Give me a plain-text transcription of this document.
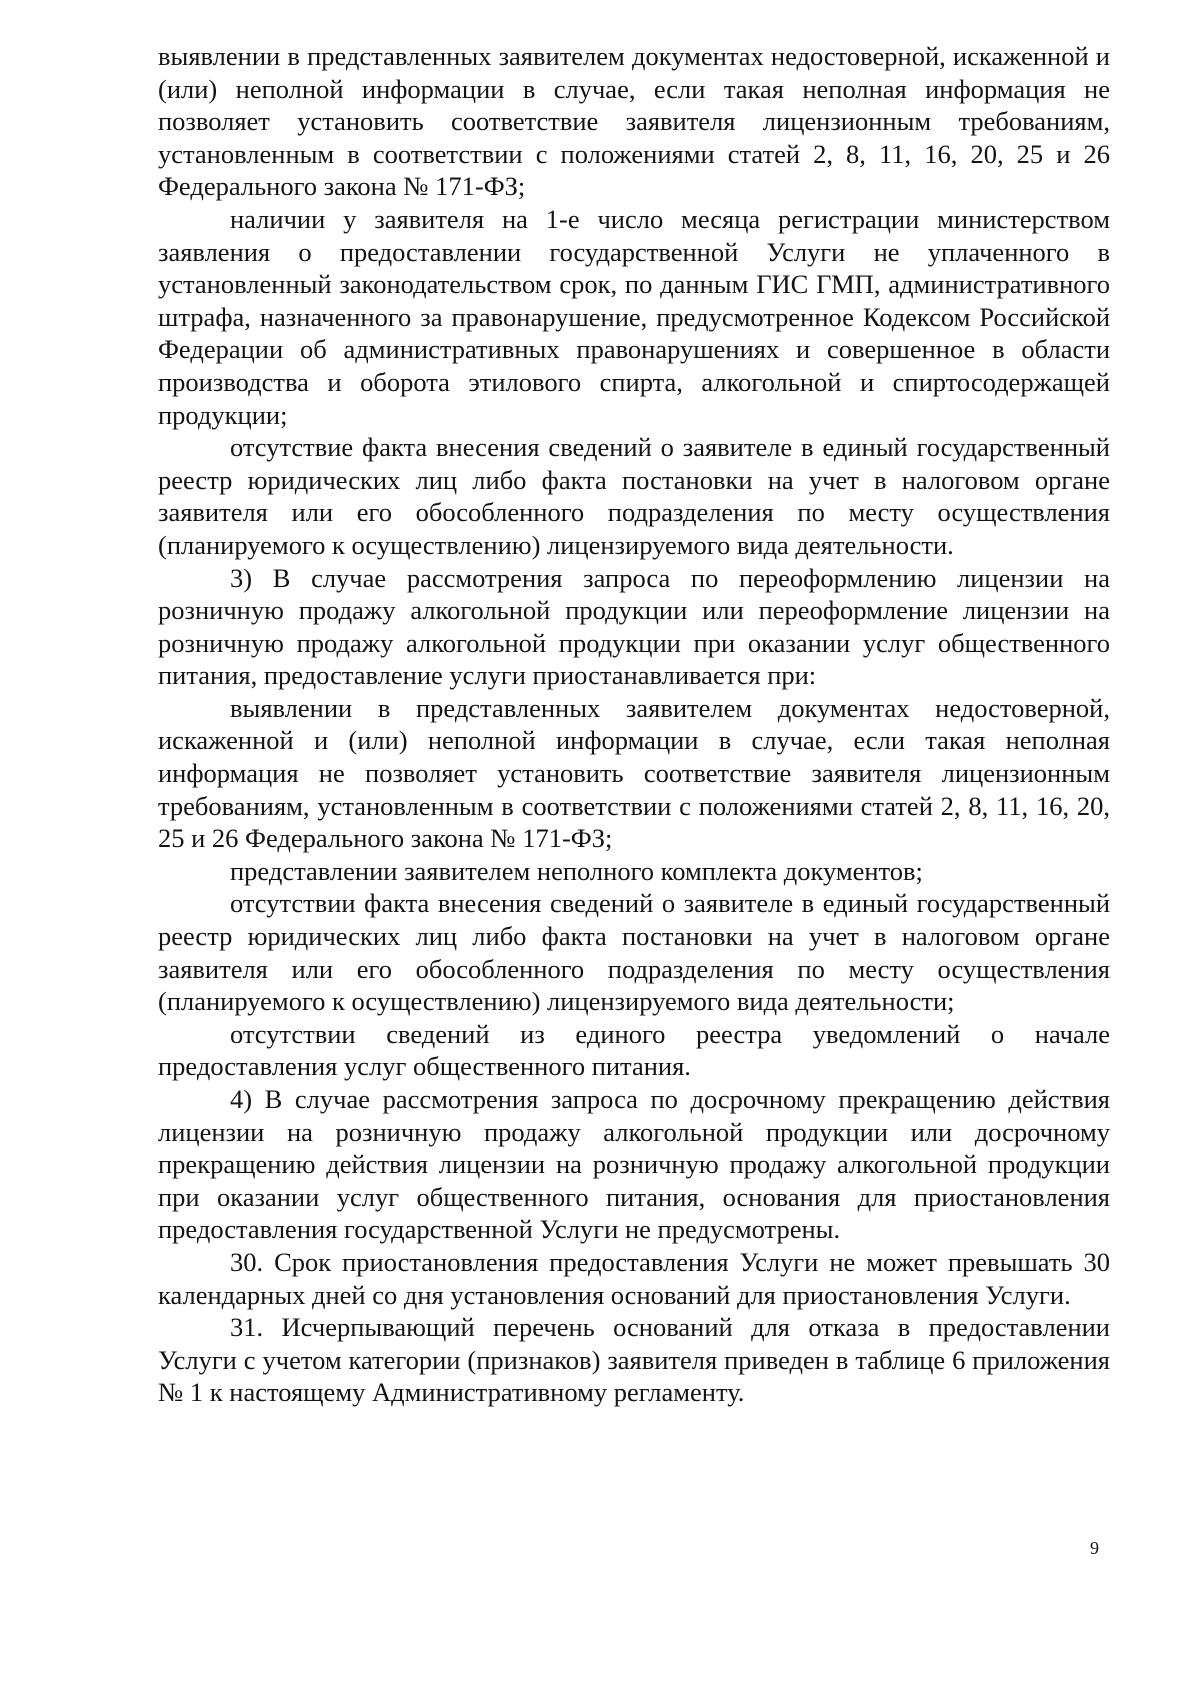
выявлении в представленных заявителем документах недостоверной, искаженной и (или) неполной информации в случае, если такая неполная информация не позволяет установить соответствие заявителя лицензионным требованиям, установленным в соответствии с положениями статей 2, 8, 11, 16, 20, 25 и 26 Федерального закона № 171-ФЗ;

наличии у заявителя на 1-е число месяца регистрации министерством заявления о предоставлении государственной Услуги не уплаченного в установленный законодательством срок, по данным ГИС ГМП, административного штрафа, назначенного за правонарушение, предусмотренное Кодексом Российской Федерации об административных правонарушениях и совершенное в области производства и оборота этилового спирта, алкогольной и спиртосодержащей продукции;

отсутствие факта внесения сведений о заявителе в единый государственный реестр юридических лиц либо факта постановки на учет в налоговом органе заявителя или его обособленного подразделения по месту осуществления (планируемого к осуществлению) лицензируемого вида деятельности.

3) В случае рассмотрения запроса по переоформлению лицензии на розничную продажу алкогольной продукции или переоформление лицензии на розничную продажу алкогольной продукции при оказании услуг общественного питания, предоставление услуги приостанавливается при:

выявлении в представленных заявителем документах недостоверной, искаженной и (или) неполной информации в случае, если такая неполная информация не позволяет установить соответствие заявителя лицензионным требованиям, установленным в соответствии с положениями статей 2, 8, 11, 16, 20, 25 и 26 Федерального закона № 171-ФЗ;

представлении заявителем неполного комплекта документов;

отсутствии факта внесения сведений о заявителе в единый государственный реестр юридических лиц либо факта постановки на учет в налоговом органе заявителя или его обособленного подразделения по месту осуществления (планируемого к осуществлению) лицензируемого вида деятельности;

отсутствии сведений из единого реестра уведомлений о начале предоставления услуг общественного питания.

4) В случае рассмотрения запроса по досрочному прекращению действия лицензии на розничную продажу алкогольной продукции или досрочному прекращению действия лицензии на розничную продажу алкогольной продукции при оказании услуг общественного питания, основания для приостановления предоставления государственной Услуги не предусмотрены.

30. Срок приостановления предоставления Услуги не может превышать 30 календарных дней со дня установления оснований для приостановления Услуги.

31. Исчерпывающий перечень оснований для отказа в предоставлении Услуги с учетом категории (признаков) заявителя приведен в таблице 6 приложения № 1 к настоящему Административному регламенту.

9
